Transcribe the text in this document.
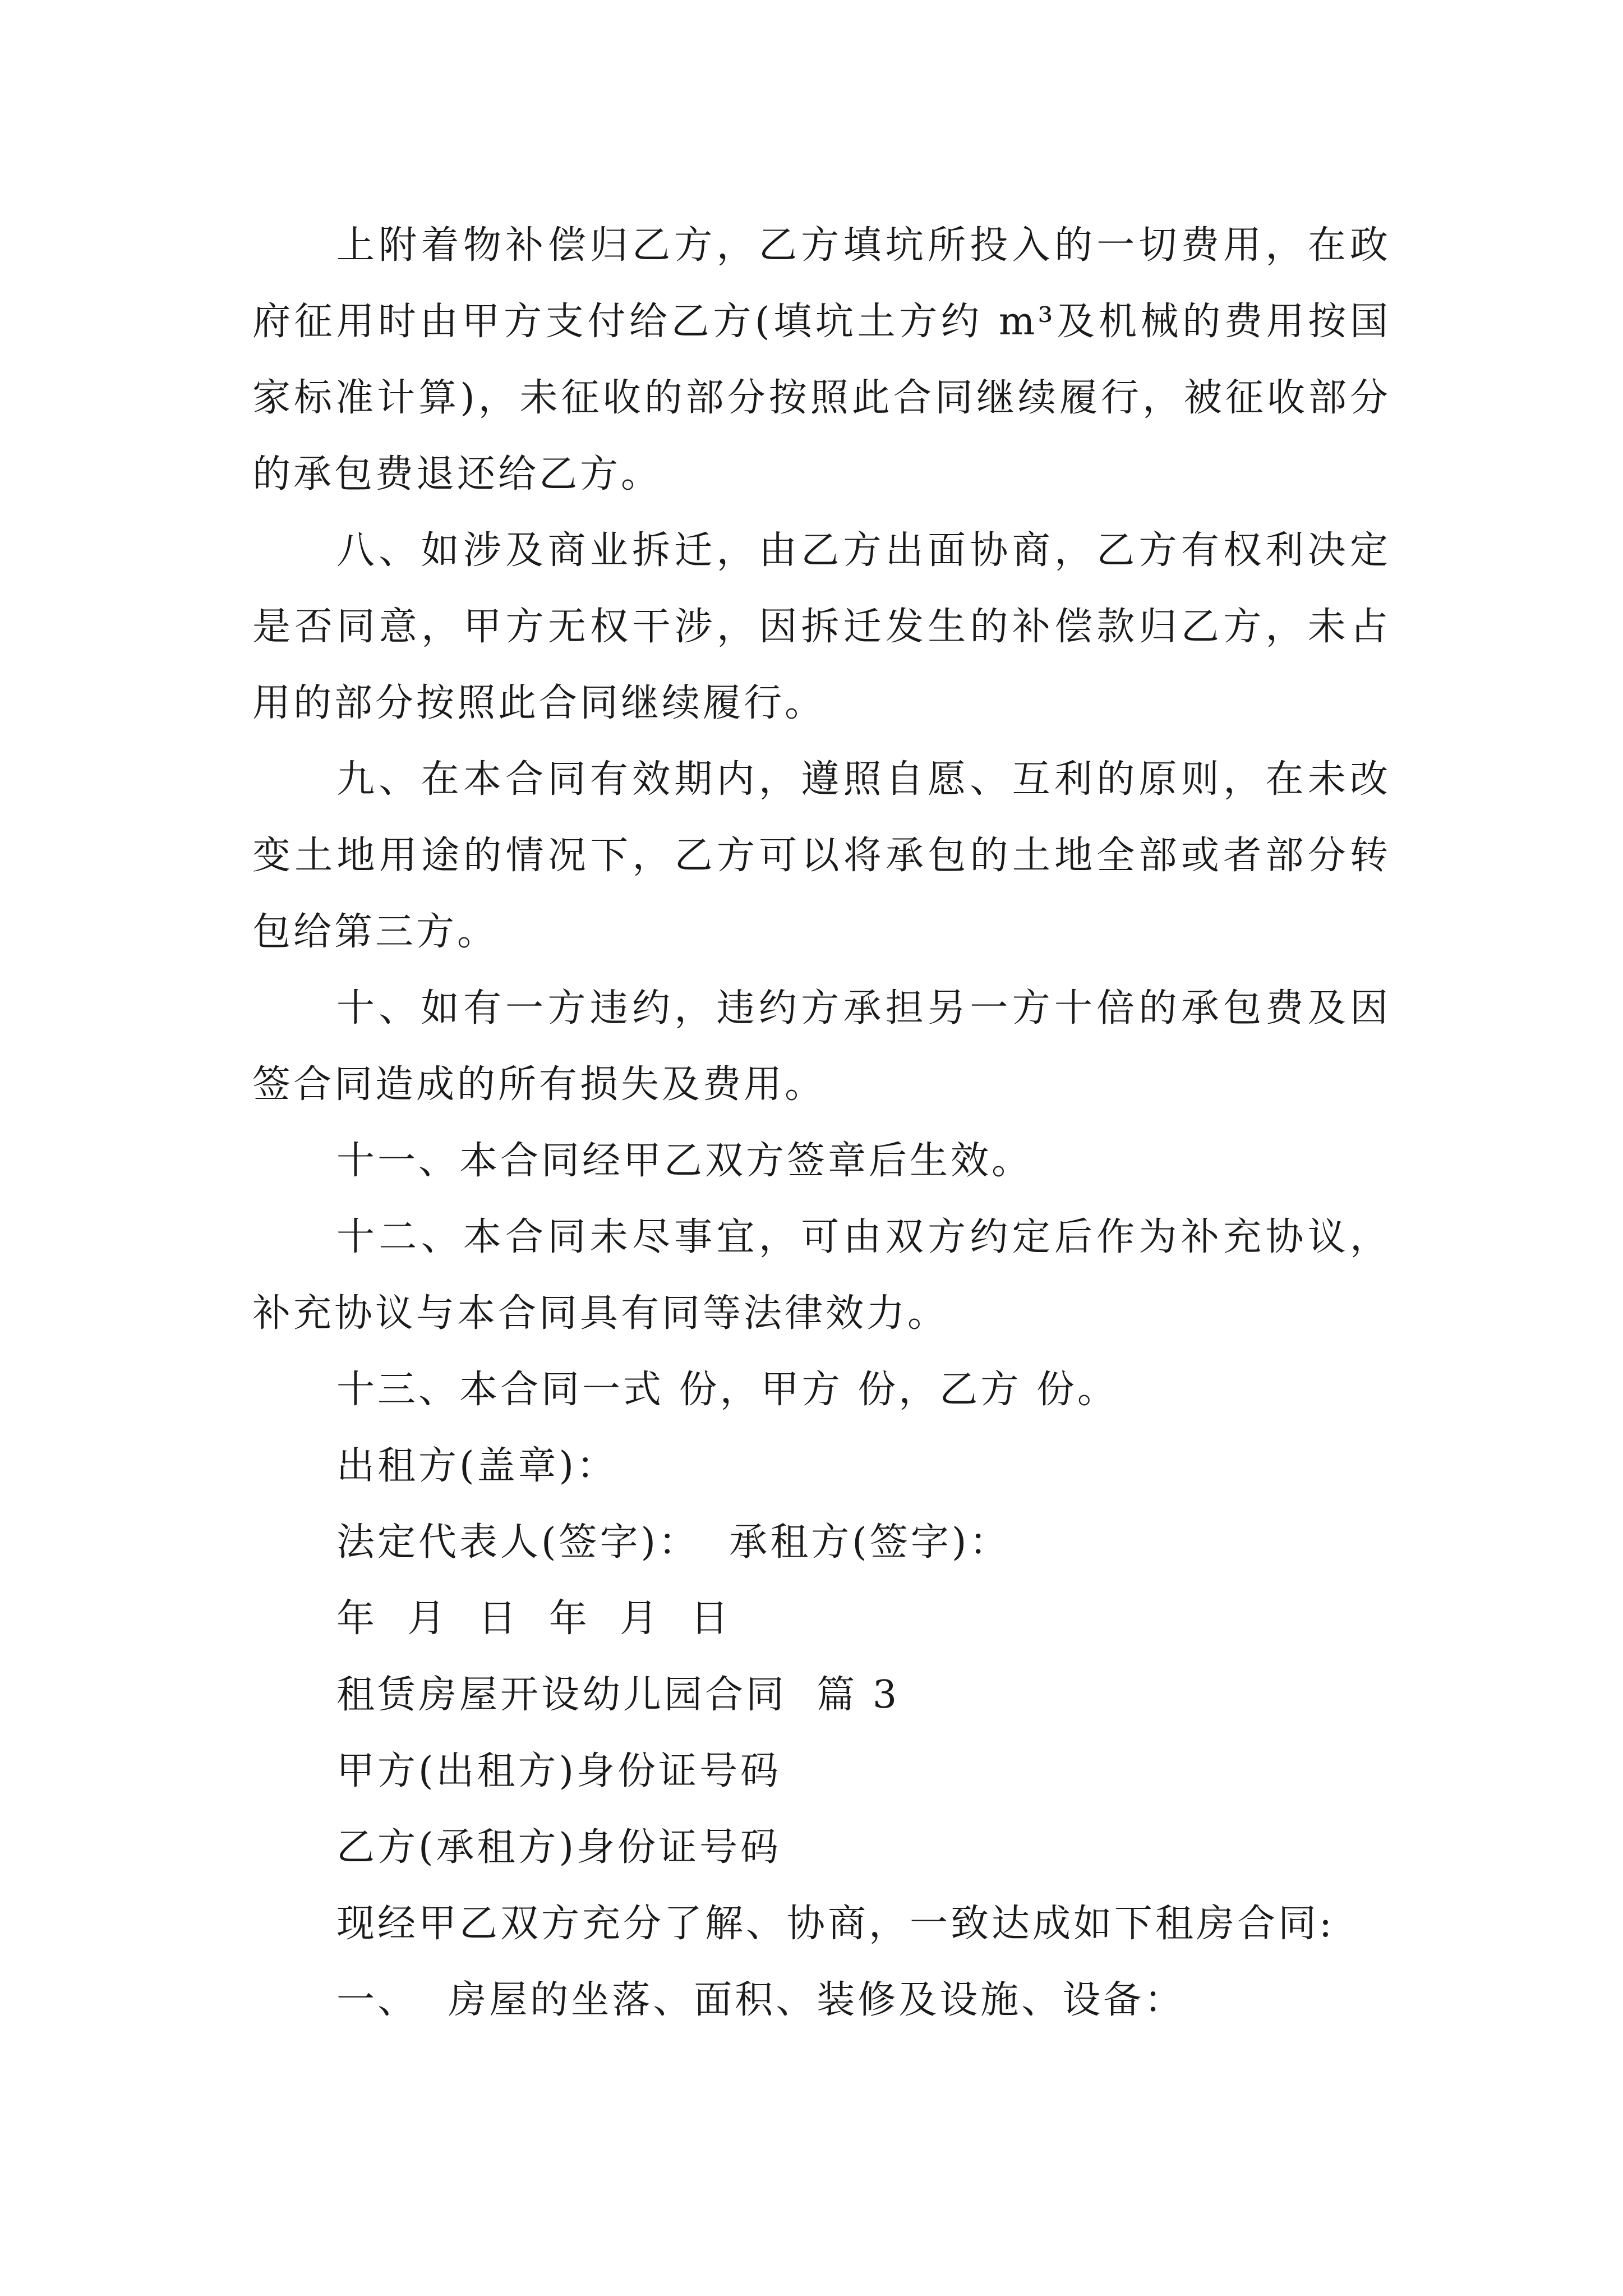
上附着物补偿归乙方，乙方填坑所投入的一切费用，在政府征用时由甲方支付给乙方(填坑土方约 m³及机械的费用按国家标准计算)，未征收的部分按照此合同继续履行，被征收部分的承包费退还给乙方。

八、如涉及商业拆迁，由乙方出面协商，乙方有权利决定是否同意，甲方无权干涉，因拆迁发生的补偿款归乙方，未占用的部分按照此合同继续履行。

九、在本合同有效期内，遵照自愿、互利的原则，在未改变土地用途的情况下，乙方可以将承包的土地全部或者部分转包给第三方。

十、如有一方违约，违约方承担另一方十倍的承包费及因签合同造成的所有损失及费用。

十一、本合同经甲乙双方签章后生效。

十二、本合同未尽事宜，可由双方约定后作为补充协议，补充协议与本合同具有同等法律效力。

十三、本合同一式 份，甲方 份，乙方 份。

出租方(盖章)：

法定代表人(签字)：  承租方(签字)：

年  月  日  年  月  日

租赁房屋开设幼儿园合同  篇 3

甲方(出租方)身份证号码

乙方(承租方)身份证号码

现经甲乙双方充分了解、协商，一致达成如下租房合同:

一、  房屋的坐落、面积、装修及设施、设备：
